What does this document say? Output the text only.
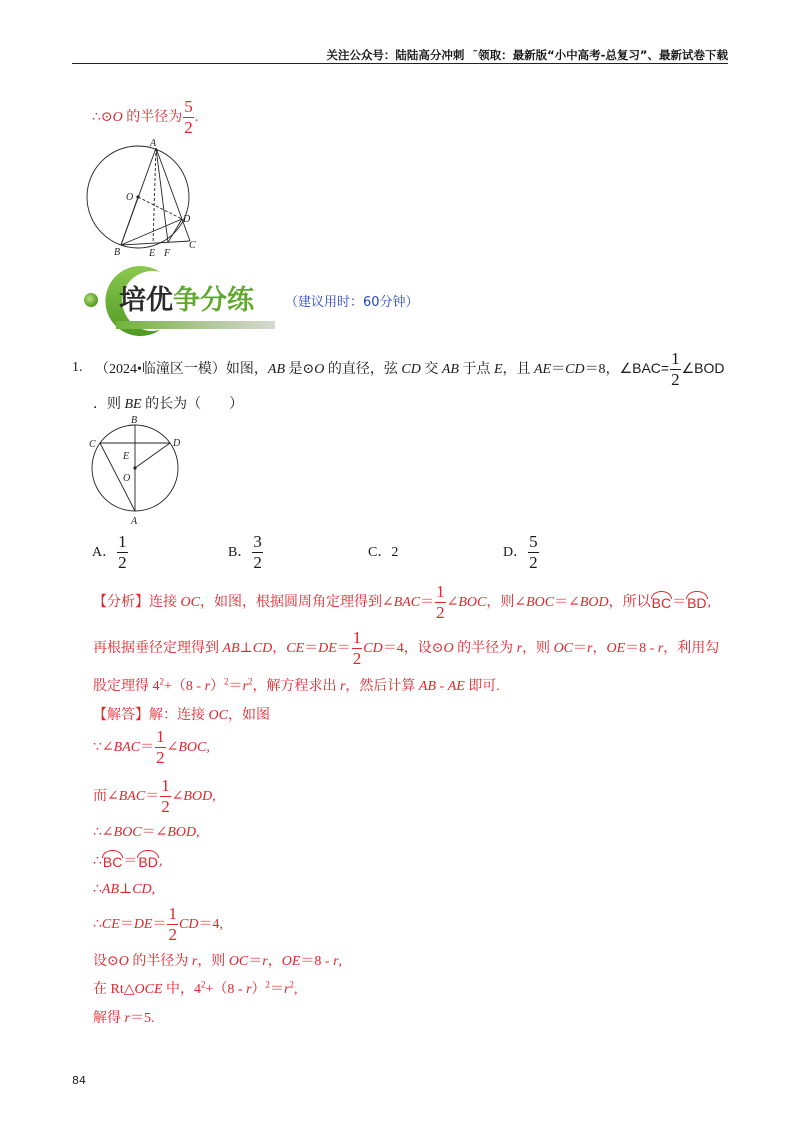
关注公众号：陆陆高分冲刺  ˜领取：最新版“小中高考-总复习”、最新试卷下载
∴⊙O 的半径为 $\frac{5}{2}$ .
A
O
D
B	E F
C
培优争分练 （建议用时：60分钟）
1. （2024•临潼区一模）如图，AB 是⊙O 的直径，弦 CD 交 AB 于点 E，且 AE＝CD＝8，∠BAC= $\frac{1}{2}$ ∠BOD
．则 BE 的长为（　　）
B
C	D
E
O
A
A． $\frac{1}{2}$	B． $\frac{3}{2}$	C．2	D． $\frac{5}{2}$
【分析】连接 OC，如图，根据圆周角定理得到∠BAC＝ $\frac{1}{2}$ ∠BOC，则∠BOC＝∠BOD，所以BC＝BD,
再根据垂径定理得到 AB⊥CD，$CE=DE= \frac{1}{2} CD=4$，设⊙O 的半径为 r，则 OC＝r，OE＝8 - r，利用勾
股定理得 $4^2+(8 - r)^2=r^2$，解方程求出 r，然后计算 AB - AE 即可.
【解答】解：连接 OC，如图
∵∠BAC＝ $\frac{1}{2}$ ∠BOC,
而∠BAC＝ $\frac{1}{2}$ ∠BOD,
∴∠BOC＝∠BOD,
∴BC＝BD,
∴AB⊥CD,
∴CE＝DE＝ $\frac{1}{2} CD=4$,
设⊙O 的半径为 r，则 OC＝r，OE＝8 - r,
在 Rt△OCE 中，$4^2+(8 - r)^2=r^2$,
解得 r＝5.
84
